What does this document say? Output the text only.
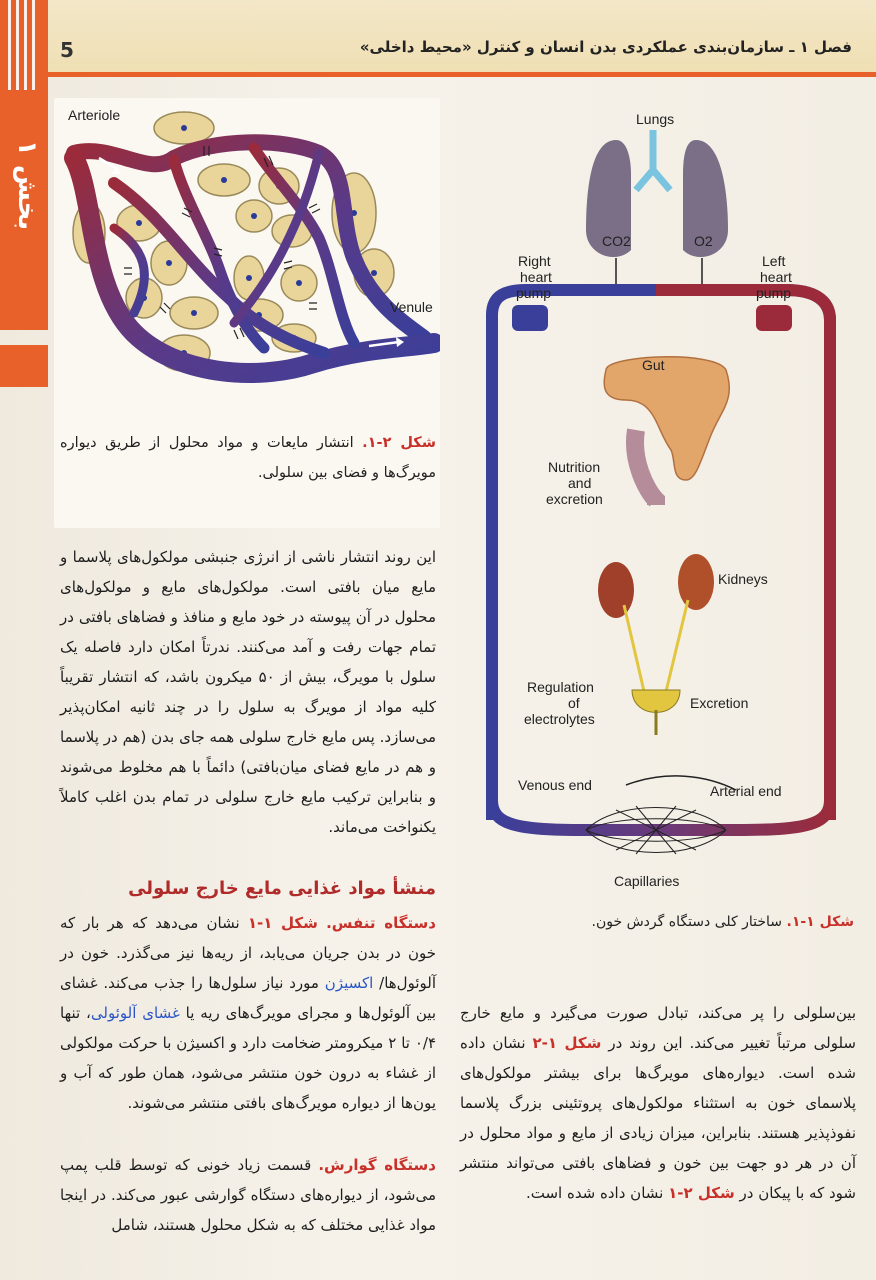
بخش ۱
5	فصل ۱ ـ سازمان‌بندی عملکردی بدن انسان و کنترل «محیط داخلی»
Arteriole
Venule
شکل ۲-۱. انتشار مایعات و مواد محلول از طریق دیواره مویرگ‌ها و فضای بین سلولی.
Lungs
CO2	O2
Right
heart
pump
Left
heart
pump
Gut
Nutrition
and
excretion
Kidneys
Regulation
of
electrolytes
Excretion
Venous end	Arterial end
Capillaries
شکل ۱-۱. ساختار کلی دستگاه گردش خون.
این روند انتشار ناشی از انرژی جنبشی مولکول‌های پلاسما و مایع میان بافتی است. مولکول‌های مایع و مولکول‌های محلول در آن پیوسته در خود مایع و منافذ و فضاهای بافتی در تمام جهات رفت و آمد می‌کنند. ندرتاً امکان دارد فاصله یک سلول با مویرگ، بیش از ۵۰ میکرون باشد، که انتشار تقریباً کلیه مواد از مویرگ به سلول را در چند ثانیه امکان‌پذیر می‌سازد. پس مایع خارج سلولی همه جای بدن (هم در پلاسما و هم در مایع فضای میان‌بافتی) دائماً با هم مخلوط می‌شوند و بنابراین ترکیب مایع خارج سلولی در تمام بدن اغلب کاملاً یکنواخت می‌ماند.
منشأ مواد غذایی مایع خارج سلولی
دستگاه تنفس. شکل ۱-۱ نشان می‌دهد که هر بار که خون در بدن جریان می‌یابد، از ریه‌ها نیز می‌گذرد. خون در آلوئول‌ها/ اکسیژن مورد نیاز سلول‌ها را جذب می‌کند. غشای بین آلوئول‌ها و مجرای مویرگ‌های ریه یا غشای آلوئولی، تنها ۰/۴ تا ۲ میکرومتر ضخامت دارد و اکسیژن با حرکت مولکولی از غشاء به درون خون منتشر می‌شود، همان طور که آب و یون‌ها از دیواره مویرگ‌های بافتی منتشر می‌شوند.
دستگاه گوارش. قسمت زیاد خونی که توسط قلب پمپ می‌شود، از دیواره‌های دستگاه گوارشی عبور می‌کند. در اینجا مواد غذایی مختلف که به شکل محلول هستند، شامل
بین‌سلولی را پر می‌کند، تبادل صورت می‌گیرد و مایع خارج سلولی مرتباً تغییر می‌کند. این روند در شکل ۱-۲ نشان داده شده است. دیواره‌های مویرگ‌ها برای بیشتر مولکول‌های پلاسمای خون به استثناء مولکول‌های پروتئینی بزرگ پلاسما نفوذپذیر هستند. بنابراین، میزان زیادی از مایع و مواد محلول در آن در هر دو جهت بین خون و فضاهای بافتی می‌تواند منتشر شود که با پیکان در شکل ۲-۱ نشان داده شده است.
